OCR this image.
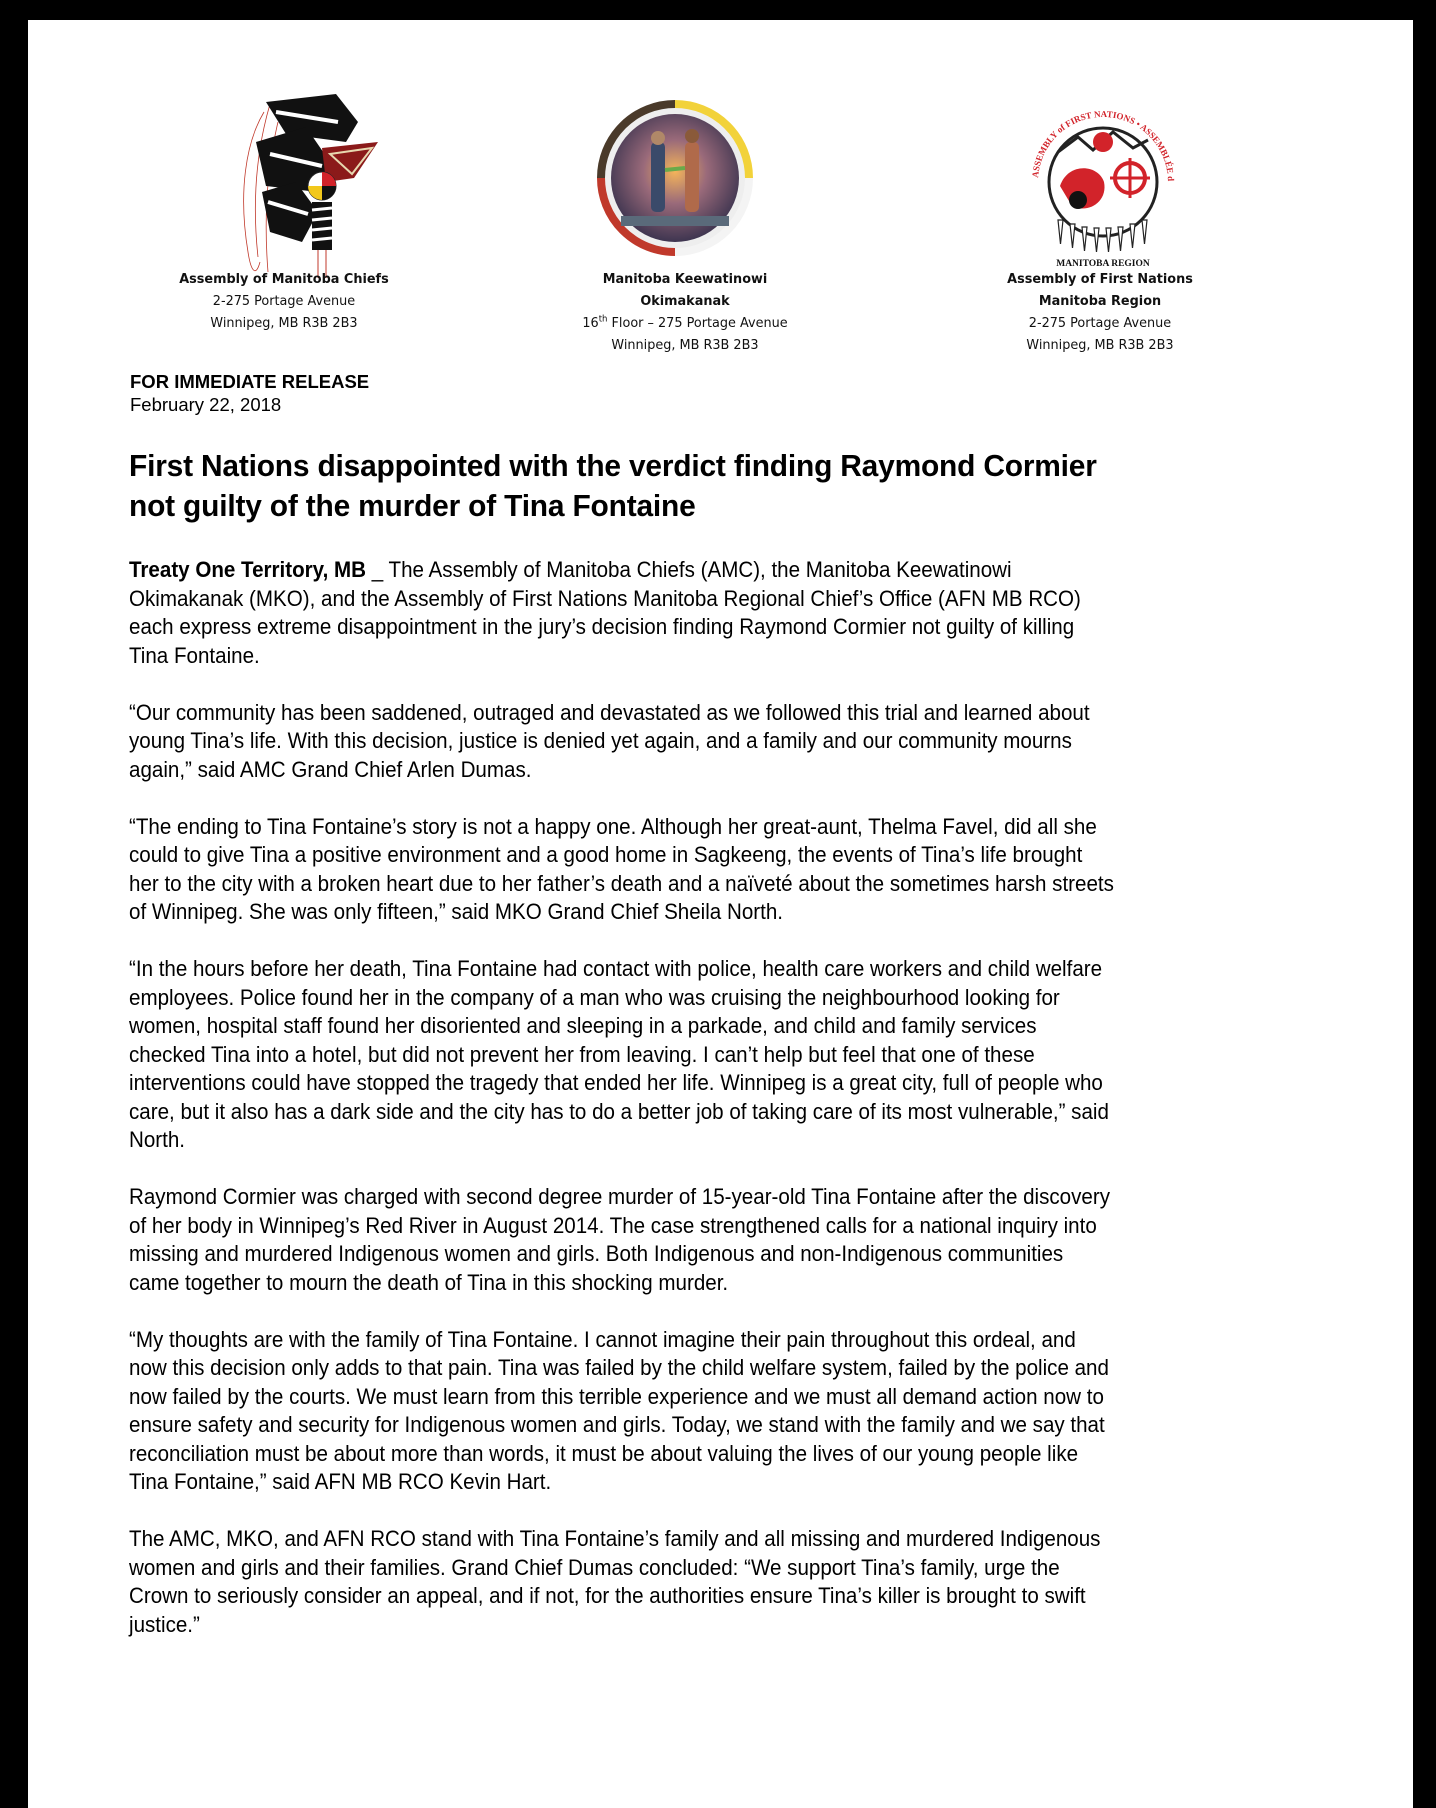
ASSEMBLY of FIRST NATIONS • ASSEMBLÉE d
MANITOBA REGION
Assembly of Manitoba Chiefs
2-275 Portage Avenue
Winnipeg, MB R3B 2B3
Manitoba Keewatinowi Okimakanak
16th Floor – 275 Portage Avenue
Winnipeg, MB R3B 2B3
Assembly of First Nations
Manitoba Region
2-275 Portage Avenue
Winnipeg, MB R3B 2B3
FOR IMMEDIATE RELEASE
February 22, 2018
First Nations disappointed with the verdict finding Raymond Cormier
not guilty of the murder of Tina Fontaine
Treaty One Territory, MB _ The Assembly of Manitoba Chiefs (AMC), the Manitoba Keewatinowi
Okimakanak (MKO), and the Assembly of First Nations Manitoba Regional Chief’s Office (AFN MB RCO)
each express extreme disappointment in the jury’s decision finding Raymond Cormier not guilty of killing
Tina Fontaine.
“Our community has been saddened, outraged and devastated as we followed this trial and learned about
young Tina’s life. With this decision, justice is denied yet again, and a family and our community mourns
again,” said AMC Grand Chief Arlen Dumas.
“The ending to Tina Fontaine’s story is not a happy one. Although her great-aunt, Thelma Favel, did all she
could to give Tina a positive environment and a good home in Sagkeeng, the events of Tina’s life brought
her to the city with a broken heart due to her father’s death and a naïveté about the sometimes harsh streets
of Winnipeg. She was only fifteen,” said MKO Grand Chief Sheila North.
“In the hours before her death, Tina Fontaine had contact with police, health care workers and child welfare
employees. Police found her in the company of a man who was cruising the neighbourhood looking for
women, hospital staff found her disoriented and sleeping in a parkade, and child and family services
checked Tina into a hotel, but did not prevent her from leaving. I can’t help but feel that one of these
interventions could have stopped the tragedy that ended her life. Winnipeg is a great city, full of people who
care, but it also has a dark side and the city has to do a better job of taking care of its most vulnerable,” said
North.
Raymond Cormier was charged with second degree murder of 15-year-old Tina Fontaine after the discovery
of her body in Winnipeg’s Red River in August 2014. The case strengthened calls for a national inquiry into
missing and murdered Indigenous women and girls. Both Indigenous and non-Indigenous communities
came together to mourn the death of Tina in this shocking murder.
“My thoughts are with the family of Tina Fontaine. I cannot imagine their pain throughout this ordeal, and
now this decision only adds to that pain. Tina was failed by the child welfare system, failed by the police and
now failed by the courts. We must learn from this terrible experience and we must all demand action now to
ensure safety and security for Indigenous women and girls. Today, we stand with the family and we say that
reconciliation must be about more than words, it must be about valuing the lives of our young people like
Tina Fontaine,” said AFN MB RCO Kevin Hart.
The AMC, MKO, and AFN RCO stand with Tina Fontaine’s family and all missing and murdered Indigenous
women and girls and their families. Grand Chief Dumas concluded: “We support Tina’s family, urge the
Crown to seriously consider an appeal, and if not, for the authorities ensure Tina’s killer is brought to swift
justice.”
